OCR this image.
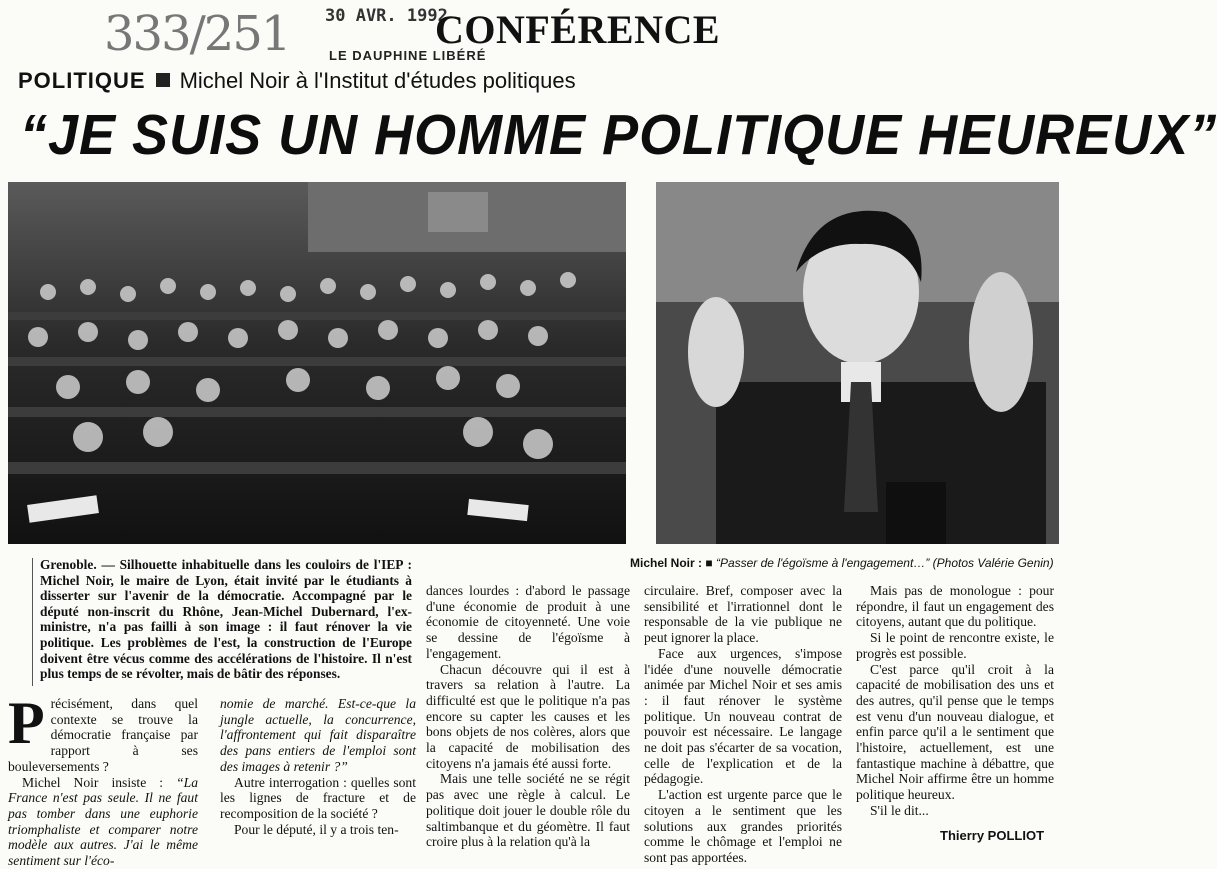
333/251 30 AVR. 1992
CONFÉRENCE
LE DAUPHINE LIBÉRÉ
POLITIQUE Michel Noir à l'Institut d'études politiques
“JE SUIS UN HOMME POLITIQUE HEUREUX”
Michel Noir : ■ “Passer de l'égoïsme à l'engagement…” (Photos Valérie Genin)
Grenoble. — Silhouette inhabituelle dans les couloirs de l'IEP : Michel Noir, le maire de Lyon, était invité par le étudiants à disserter sur l'avenir de la démocratie. Accompagné par le député non-inscrit du Rhône, Jean-Michel Dubernard, l'ex-ministre, n'a pas failli à son image : il faut rénover la vie politique. Les problèmes de l'est, la construction de l'Europe doivent être vécus comme des accélérations de l'histoire. Il n'est plus temps de se révolter, mais de bâtir des réponses.

Précisément, dans quel contexte se trouve la démocratie française par rapport à ses bouleversements ?

Michel Noir insiste : “La France n'est pas seule. Il ne faut pas tomber dans une euphorie triomphaliste et comparer notre modèle aux autres. J'ai le même sentiment sur l'éco-

nomie de marché. Est-ce-que la jungle actuelle, la concurrence, l'affrontement qui fait disparaître des pans entiers de l'emploi sont des images à retenir ?”

Autre interrogation : quelles sont les lignes de fracture et de recomposition de la société ?

Pour le député, il y a trois ten-

dances lourdes : d'abord le passage d'une économie de produit à une économie de citoyenneté. Une voie se dessine de l'égoïsme à l'engagement.

Chacun découvre qui il est à travers sa relation à l'autre. La difficulté est que le politique n'a pas encore su capter les causes et les bons objets de nos colères, alors que la capacité de mobilisation des citoyens n'a jamais été aussi forte.

Mais une telle société ne se régit pas avec une règle à calcul. Le politique doit jouer le double rôle du saltimbanque et du géomètre. Il faut croire plus à la relation qu'à la

circulaire. Bref, composer avec la sensibilité et l'irrationnel dont le responsable de la vie publique ne peut ignorer la place.

Face aux urgences, s'impose l'idée d'une nouvelle démocratie animée par Michel Noir et ses amis : il faut rénover le système politique. Un nouveau contrat de pouvoir est nécessaire. Le langage ne doit pas s'écarter de sa vocation, celle de l'explication et de la pédagogie.

L'action est urgente parce que le citoyen a le sentiment que les solutions aux grandes priorités comme le chômage et l'emploi ne sont pas apportées.

Mais pas de monologue : pour répondre, il faut un engagement des citoyens, autant que du politique.

Si le point de rencontre existe, le progrès est possible.

C'est parce qu'il croit à la capacité de mobilisation des uns et des autres, qu'il pense que le temps est venu d'un nouveau dialogue, et enfin parce qu'il a le sentiment que l'histoire, actuellement, est une fantastique machine à débattre, que Michel Noir affirme être un homme politique heureux.

S'il le dit...

Thierry POLLIOT
